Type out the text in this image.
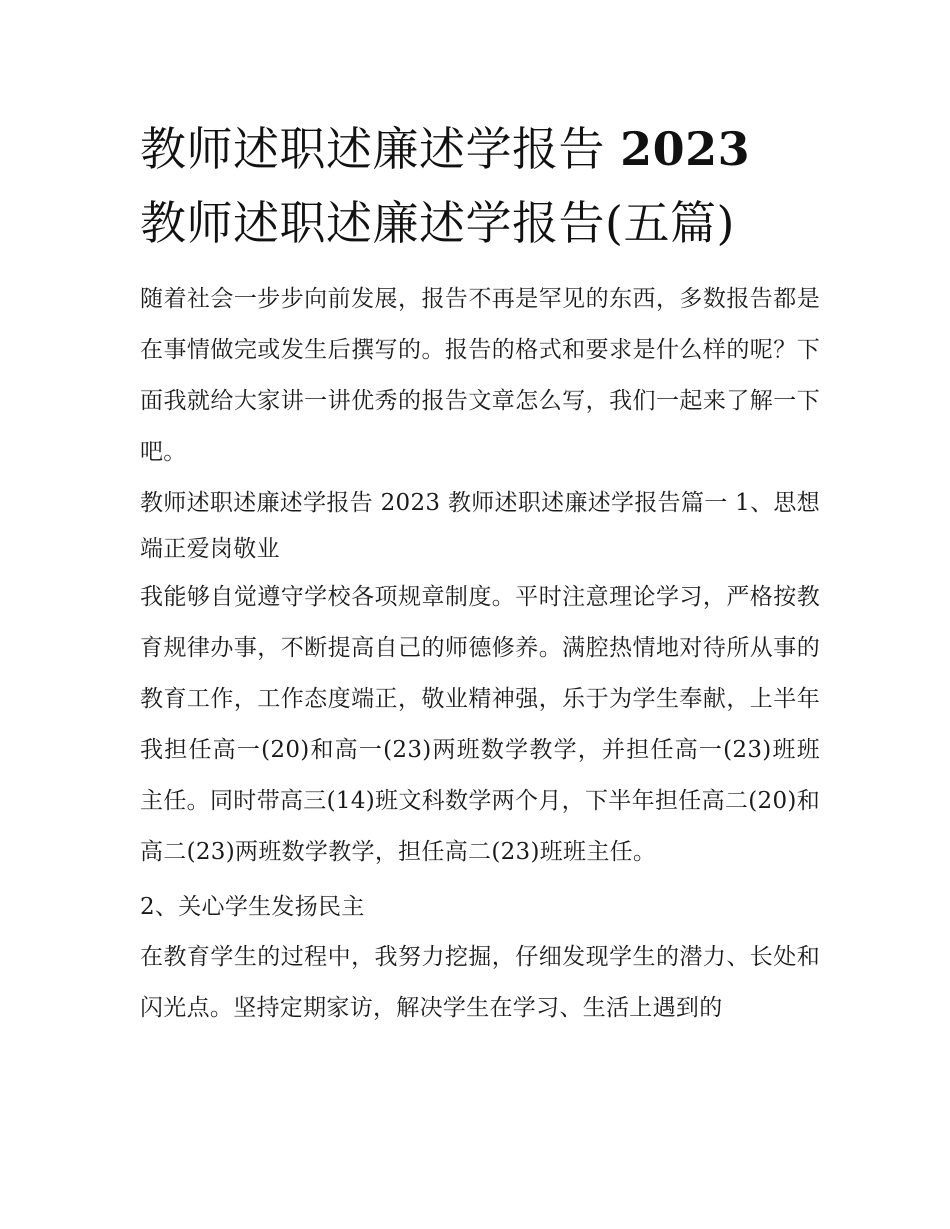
教师述职述廉述学报告 2023
教师述职述廉述学报告(五篇)

随着社会一步步向前发展，报告不再是罕见的东西，多数报告都是在事情做完或发生后撰写的。报告的格式和要求是什么样的呢？下面我就给大家讲一讲优秀的报告文章怎么写，我们一起来了解一下吧。

教师述职述廉述学报告 2023 教师述职述廉述学报告篇一 1、思想端正爱岗敬业

我能够自觉遵守学校各项规章制度。平时注意理论学习，严格按教育规律办事，不断提高自己的师德修养。满腔热情地对待所从事的教育工作，工作态度端正，敬业精神强，乐于为学生奉献，上半年我担任高一(20)和高一(23)两班数学教学，并担任高一(23)班班主任。同时带高三(14)班文科数学两个月，下半年担任高二(20)和高二(23)两班数学教学，担任高二(23)班班主任。

2、关心学生发扬民主

在教育学生的过程中，我努力挖掘，仔细发现学生的潜力、长处和闪光点。坚持定期家访，解决学生在学习、生活上遇到的
